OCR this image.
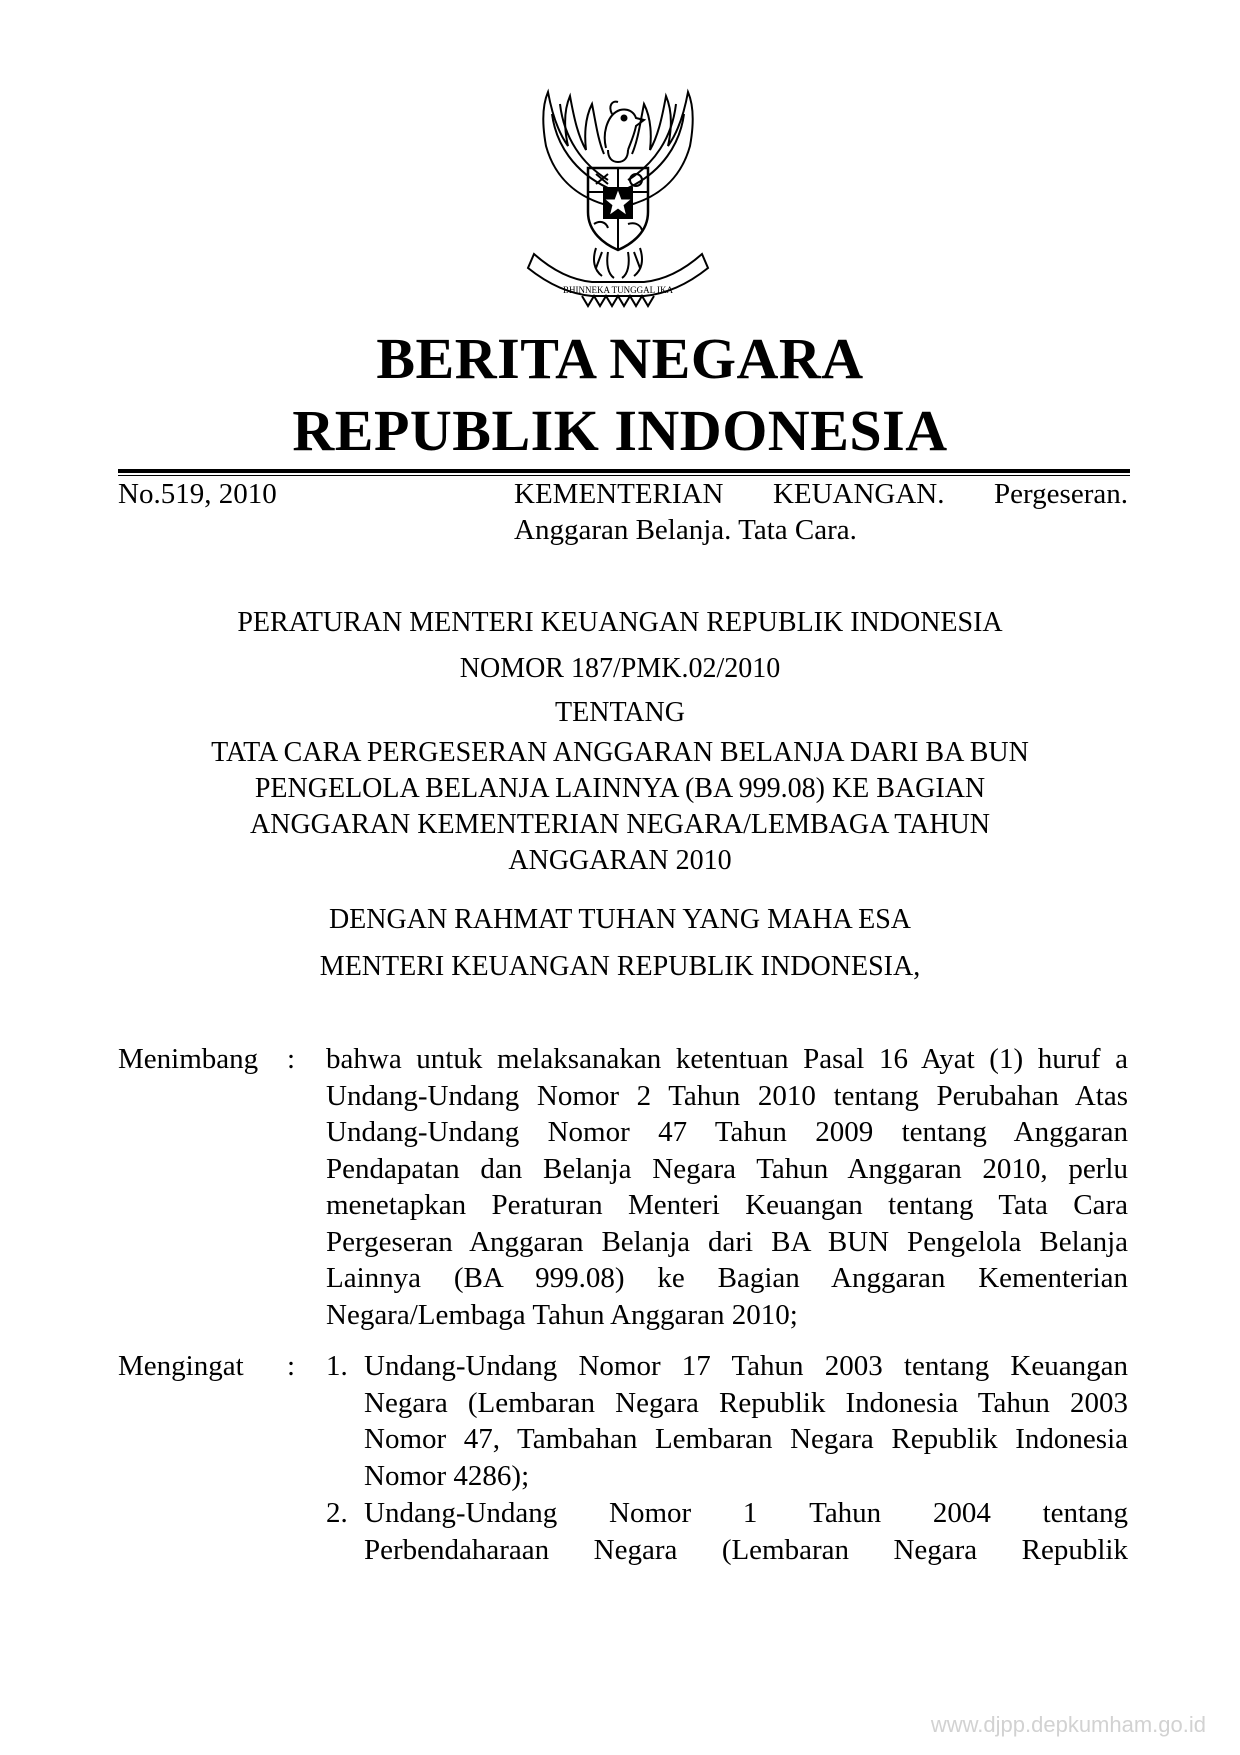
BHINNEKA TUNGGAL IKA
BERITA NEGARA
REPUBLIK INDONESIA
No.519, 2010	KEMENTERIAN KEUANGAN. Pergeseran.
Anggaran Belanja. Tata Cara.
PERATURAN MENTERI KEUANGAN REPUBLIK INDONESIA
NOMOR 187/PMK.02/2010
TENTANG
TATA CARA PERGESERAN ANGGARAN BELANJA DARI BA BUN
PENGELOLA BELANJA LAINNYA (BA 999.08) KE BAGIAN
ANGGARAN KEMENTERIAN NEGARA/LEMBAGA TAHUN
ANGGARAN 2010
DENGAN RAHMAT TUHAN YANG MAHA ESA
MENTERI KEUANGAN REPUBLIK INDONESIA,
Menimbang : bahwa untuk melaksanakan ketentuan Pasal 16 Ayat (1) huruf a Undang-Undang Nomor 2 Tahun 2010 tentang Perubahan Atas Undang-Undang Nomor 47 Tahun 2009 tentang Anggaran Pendapatan dan Belanja Negara Tahun Anggaran 2010, perlu menetapkan Peraturan Menteri Keuangan tentang Tata Cara Pergeseran Anggaran Belanja dari BA BUN Pengelola Belanja Lainnya (BA 999.08) ke Bagian Anggaran Kementerian Negara/Lembaga Tahun Anggaran 2010;
Mengingat : 1. Undang-Undang Nomor 17 Tahun 2003 tentang Keuangan Negara (Lembaran Negara Republik Indonesia Tahun 2003 Nomor 47, Tambahan Lembaran Negara Republik Indonesia Nomor 4286);
2. Undang-Undang Nomor 1 Tahun 2004 tentang
Perbendaharaan Negara (Lembaran Negara Republik
www.djpp.depkumham.go.id
